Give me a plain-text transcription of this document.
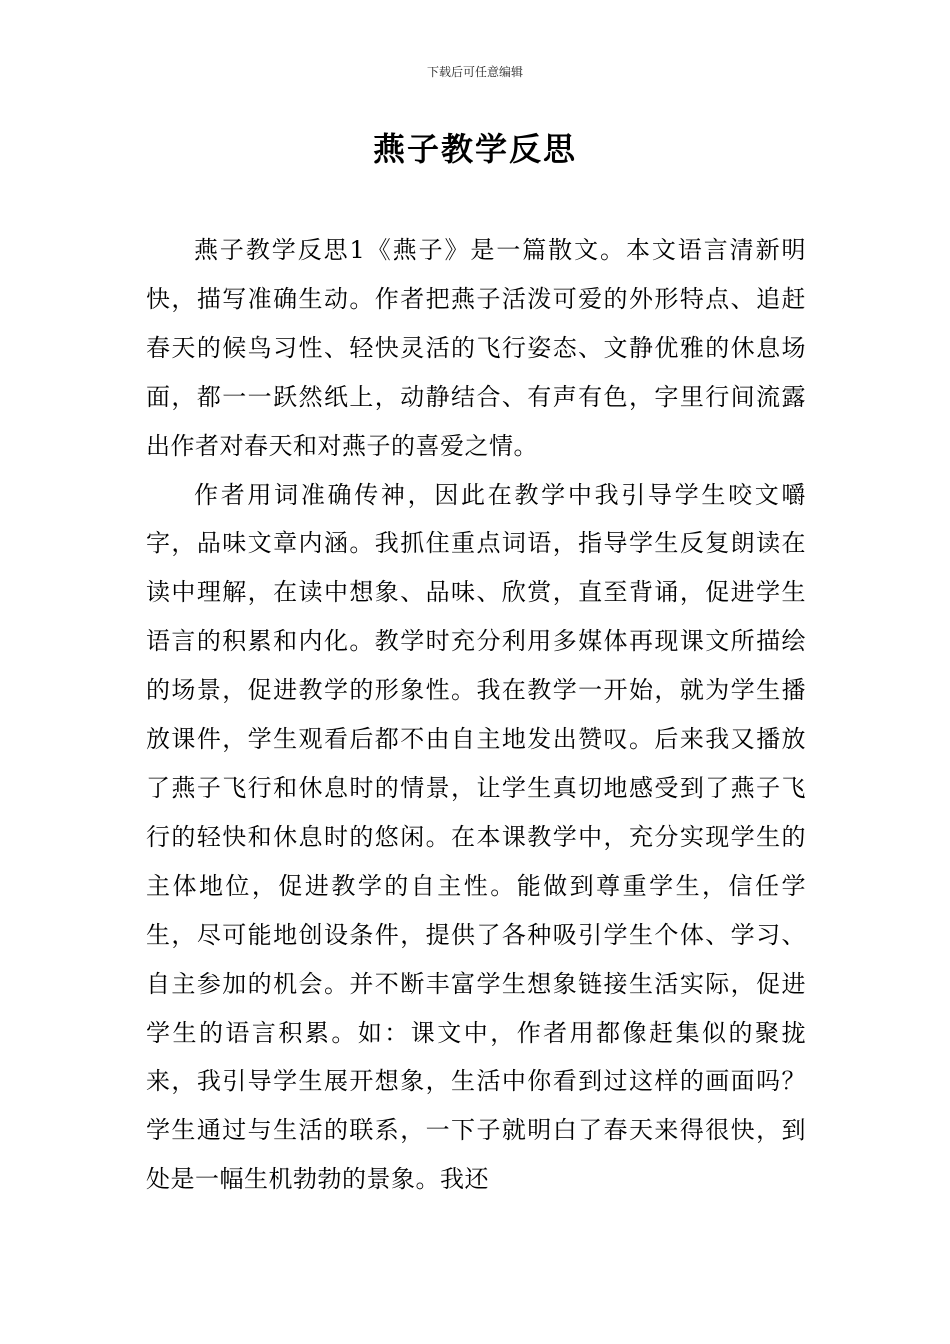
下载后可任意编辑
燕子教学反思

燕子教学反思1《燕子》是一篇散文。本文语言清新明快，描写准确生动。作者把燕子活泼可爱的外形特点、追赶春天的候鸟习性、轻快灵活的飞行姿态、文静优雅的休息场面，都一一跃然纸上，动静结合、有声有色，字里行间流露出作者对春天和对燕子的喜爱之情。

作者用词准确传神，因此在教学中我引导学生咬文嚼字，品味文章内涵。我抓住重点词语，指导学生反复朗读在读中理解，在读中想象、品味、欣赏，直至背诵，促进学生语言的积累和内化。教学时充分利用多媒体再现课文所描绘的场景，促进教学的形象性。我在教学一开始，就为学生播放课件，学生观看后都不由自主地发出赞叹。后来我又播放了燕子飞行和休息时的情景，让学生真切地感受到了燕子飞行的轻快和休息时的悠闲。在本课教学中，充分实现学生的主体地位，促进教学的自主性。能做到尊重学生，信任学生，尽可能地创设条件，提供了各种吸引学生个体、学习、自主参加的机会。并不断丰富学生想象链接生活实际，促进学生的语言积累。如：课文中，作者用都像赶集似的聚拢来，我引导学生展开想象，生活中你看到过这样的画面吗？学生通过与生活的联系，一下子就明白了春天来得很快，到处是一幅生机勃勃的景象。我还
